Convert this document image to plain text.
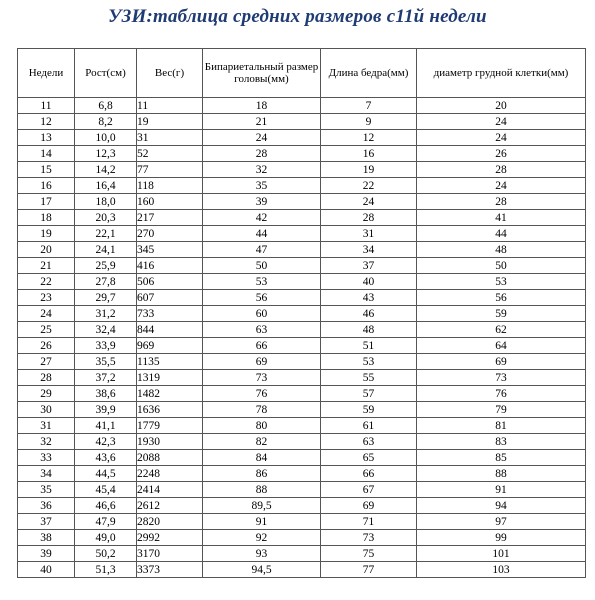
УЗИ:таблица средних размеров с11й недели
Недели	Рост(см)	Вес(г)	Бипариетальный размер головы(мм)	Длина бедра(мм)	диаметр грудной клетки(мм)
11	6,8	11	18	7	20
12	8,2	19	21	9	24
13	10,0	31	24	12	24
14	12,3	52	28	16	26
15	14,2	77	32	19	28
16	16,4	118	35	22	24
17	18,0	160	39	24	28
18	20,3	217	42	28	41
19	22,1	270	44	31	44
20	24,1	345	47	34	48
21	25,9	416	50	37	50
22	27,8	506	53	40	53
23	29,7	607	56	43	56
24	31,2	733	60	46	59
25	32,4	844	63	48	62
26	33,9	969	66	51	64
27	35,5	1135	69	53	69
28	37,2	1319	73	55	73
29	38,6	1482	76	57	76
30	39,9	1636	78	59	79
31	41,1	1779	80	61	81
32	42,3	1930	82	63	83
33	43,6	2088	84	65	85
34	44,5	2248	86	66	88
35	45,4	2414	88	67	91
36	46,6	2612	89,5	69	94
37	47,9	2820	91	71	97
38	49,0	2992	92	73	99
39	50,2	3170	93	75	101
40	51,3	3373	94,5	77	103
